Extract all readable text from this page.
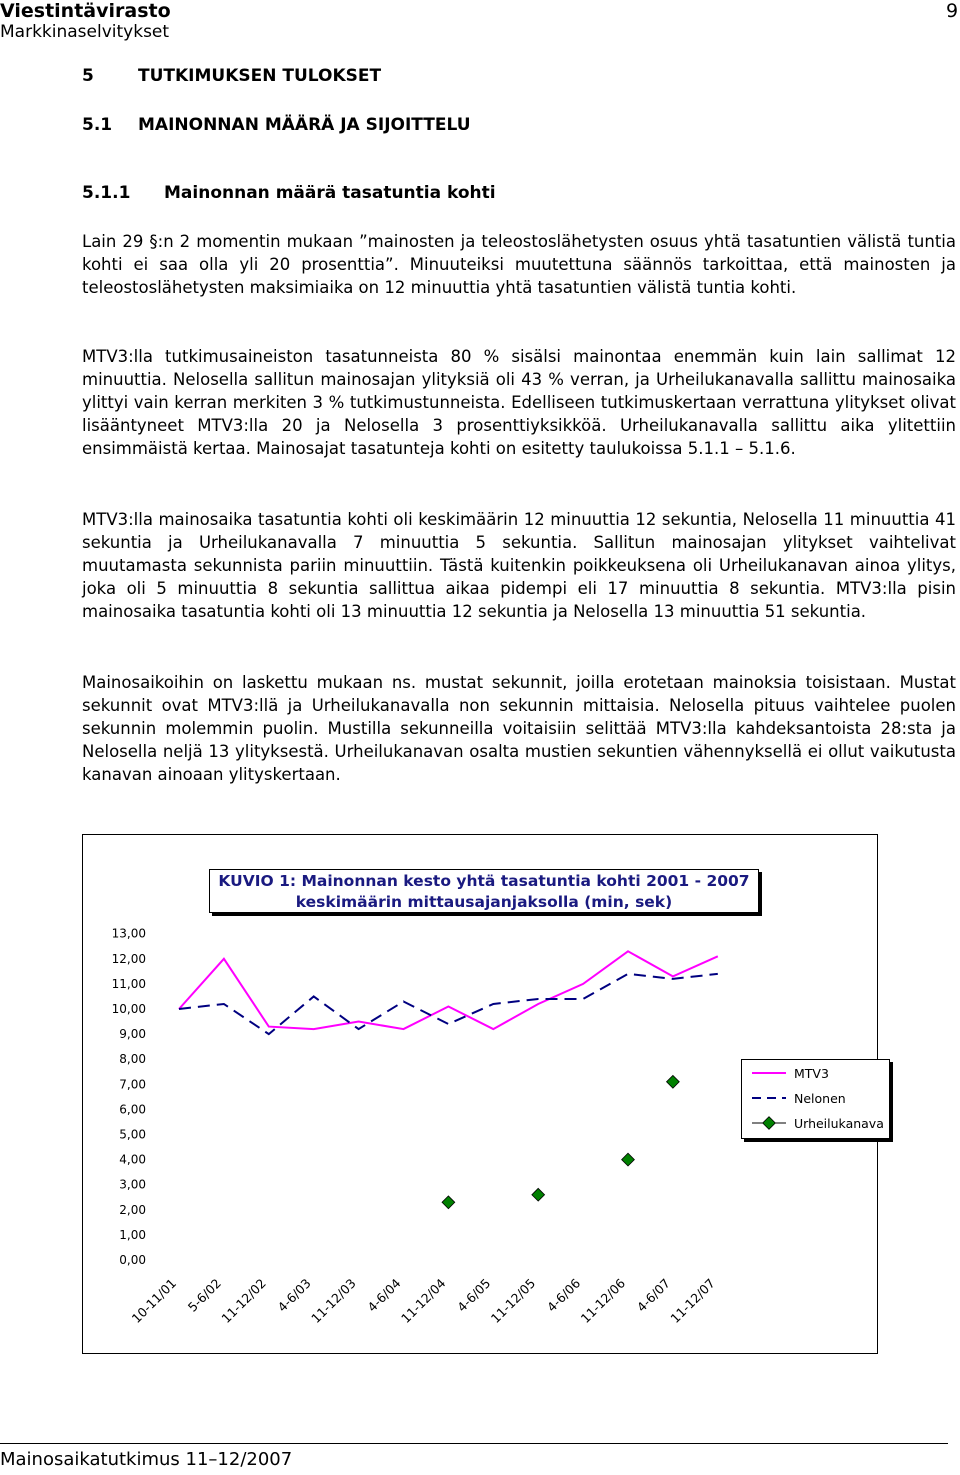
Viestintävirasto
Markkinaselvitykset
9
5	TUTKIMUKSEN TULOKSET
5.1 MAINONNAN MÄÄRÄ JA SIJOITTELU
5.1.1 Mainonnan määrä tasatuntia kohti

Lain 29 §:n 2 momentin mukaan ”mainosten ja teleostoslähetysten osuus yhtä tasatuntien välistä tuntia kohti ei saa olla yli 20 prosenttia”. Minuuteiksi muutettuna säännös tarkoittaa, että mainosten ja teleostoslähetysten maksimiaika on 12 minuuttia yhtä tasatuntien välistä tuntia kohti.

MTV3:lla tutkimusaineiston tasatunneista 80 % sisälsi mainontaa enemmän kuin lain sallimat 12 minuuttia. Nelosella sallitun mainosajan ylityksiä oli 43 % verran, ja Urheilukanavalla sallittu mainosaika ylittyi vain kerran merkiten 3 % tutkimustunneista. Edelliseen tutkimuskertaan verrattuna ylitykset olivat lisääntyneet MTV3:lla 20 ja Nelosella 3 prosenttiyksikköä. Urheilukanavalla sallittu aika ylitettiin ensimmäistä kertaa. Mainosajat tasatunteja kohti on esitetty taulukoissa 5.1.1 – 5.1.6.

MTV3:lla mainosaika tasatuntia kohti oli keskimäärin 12 minuuttia 12 sekuntia, Nelosella 11 minuuttia 41 sekuntia ja Urheilukanavalla 7 minuuttia 5 sekuntia. Sallitun mainosajan ylitykset vaihtelivat muutamasta sekunnista pariin minuuttiin. Tästä kuitenkin poikkeuksena oli Urheilukanavan ainoa ylitys, joka oli 5 minuuttia 8 sekuntia sallittua aikaa pidempi eli 17 minuuttia 8 sekuntia. MTV3:lla pisin mainosaika tasatuntia kohti oli 13 minuuttia 12 sekuntia ja Nelosella 13 minuuttia 51 sekuntia.

Mainosaikoihin on laskettu mukaan ns. mustat sekunnit, joilla erotetaan mainoksia toisistaan. Mustat sekunnit ovat MTV3:llä ja Urheilukanavalla non sekunnin mittaisia. Nelosella pituus vaihtelee puolen sekunnin molemmin puolin. Mustilla sekunneilla voitaisiin selittää MTV3:lla kahdeksantoista 28:sta ja Nelosella neljä 13 ylityksestä. Urheilukanavan osalta mustien sekuntien vähennyksellä ei ollut vaikutusta kanavan ainoaan ylityskertaan.

0,00
1,00
2,00
3,00
4,00
5,00
6,00
7,00
8,00
9,00
10,00
11,00
12,00
13,00
10-11/01 5-6/02
11-12/02 4-6/03
11-12/03 4-6/04
11-12/04 4-6/05
11-12/05 4-6/06
11-12/06 4-6/07
11-12/07
KUVIO 1: Mainonnan kesto yhtä tasatuntia kohti 2001 - 2007
keskimäärin mittausajanjaksolla (min, sek)
MTV3
Nelonen
Urheilukanava
Mainosaikatutkimus 11–12/2007
